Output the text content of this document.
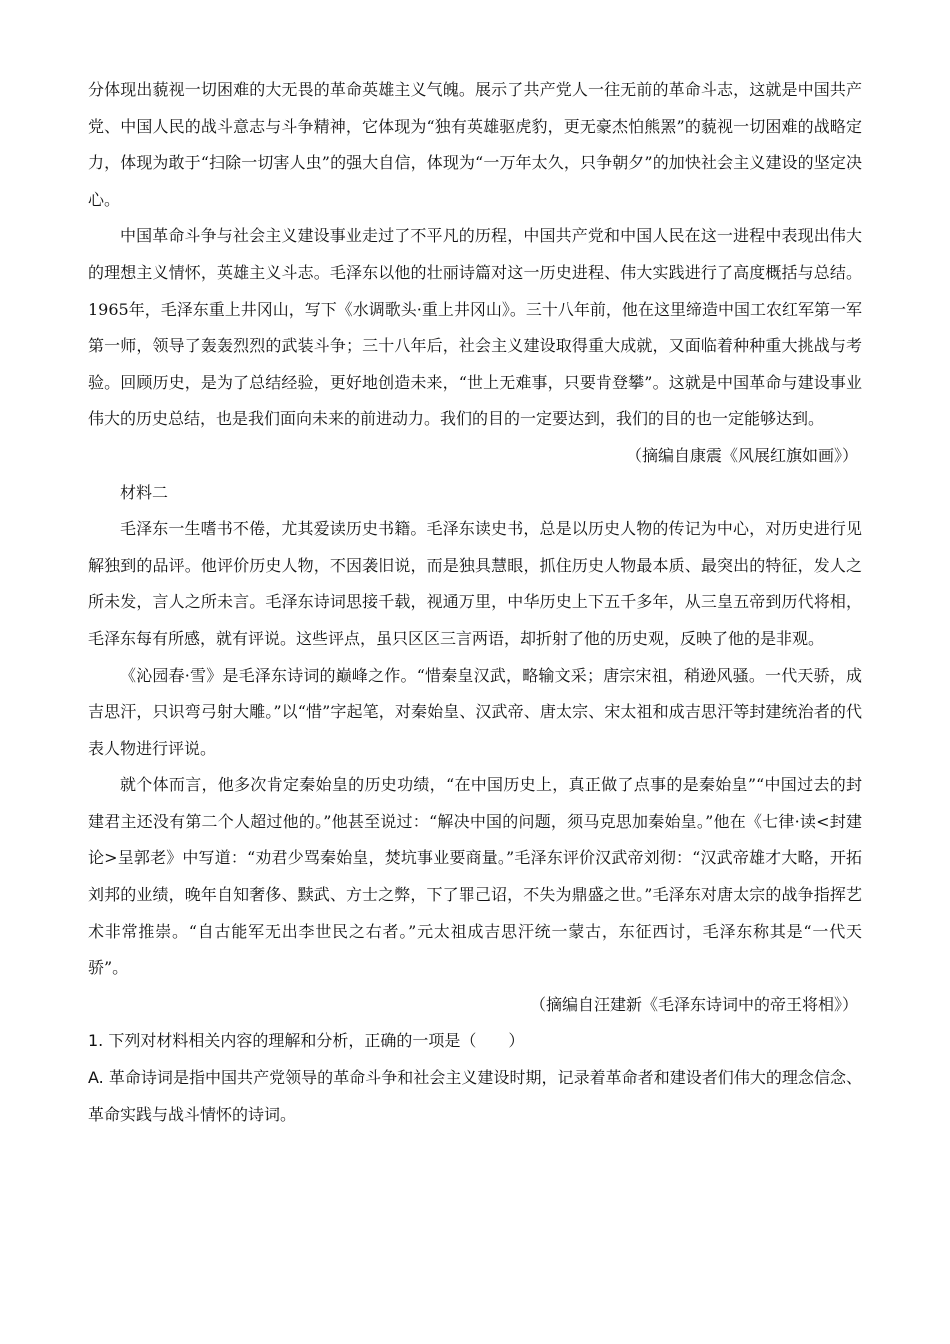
分体现出藐视一切困难的大无畏的革命英雄主义气魄。展示了共产党人一往无前的革命斗志，这就是中国共产党、中国人民的战斗意志与斗争精神，它体现为“独有英雄驱虎豹，更无豪杰怕熊罴”的藐视一切困难的战略定力，体现为敢于“扫除一切害人虫”的强大自信，体现为“一万年太久，只争朝夕”的加快社会主义建设的坚定决心。

中国革命斗争与社会主义建设事业走过了不平凡的历程，中国共产党和中国人民在这一进程中表现出伟大的理想主义情怀，英雄主义斗志。毛泽东以他的壮丽诗篇对这一历史进程、伟大实践进行了高度概括与总结。1965年，毛泽东重上井冈山，写下《水调歌头·重上井冈山》。三十八年前，他在这里缔造中国工农红军第一军第一师，领导了轰轰烈烈的武装斗争；三十八年后，社会主义建设取得重大成就，又面临着种种重大挑战与考验。回顾历史，是为了总结经验，更好地创造未来，“世上无难事，只要肯登攀”。这就是中国革命与建设事业伟大的历史总结，也是我们面向未来的前进动力。我们的目的一定要达到，我们的目的也一定能够达到。

（摘编自康震《风展红旗如画》）

材料二

毛泽东一生嗜书不倦，尤其爱读历史书籍。毛泽东读史书，总是以历史人物的传记为中心，对历史进行见解独到的品评。他评价历史人物，不因袭旧说，而是独具慧眼，抓住历史人物最本质、最突出的特征，发人之所未发，言人之所未言。毛泽东诗词思接千载，视通万里，中华历史上下五千多年，从三皇五帝到历代将相，毛泽东每有所感，就有评说。这些评点，虽只区区三言两语，却折射了他的历史观，反映了他的是非观。

《沁园春·雪》是毛泽东诗词的巅峰之作。“惜秦皇汉武，略输文采；唐宗宋祖，稍逊风骚。一代天骄，成吉思汗，只识弯弓射大雕。”以“惜”字起笔，对秦始皇、汉武帝、唐太宗、宋太祖和成吉思汗等封建统治者的代表人物进行评说。

就个体而言，他多次肯定秦始皇的历史功绩，“在中国历史上，真正做了点事的是秦始皇”“中国过去的封建君主还没有第二个人超过他的。”他甚至说过：“解决中国的问题，须马克思加秦始皇。”他在《七律·读<封建论>呈郭老》中写道：“劝君少骂秦始皇，焚坑事业要商量。”毛泽东评价汉武帝刘彻：“汉武帝雄才大略，开拓刘邦的业绩，晚年自知奢侈、黩武、方士之弊，下了罪己诏，不失为鼎盛之世。”毛泽东对唐太宗的战争指挥艺术非常推崇。“自古能军无出李世民之右者。”元太祖成吉思汗统一蒙古，东征西讨，毛泽东称其是“一代天骄”。

（摘编自汪建新《毛泽东诗词中的帝王将相》）

1. 下列对材料相关内容的理解和分析，正确的一项是（　　）

A. 革命诗词是指中国共产党领导的革命斗争和社会主义建设时期，记录着革命者和建设者们伟大的理念信念、革命实践与战斗情怀的诗词。
